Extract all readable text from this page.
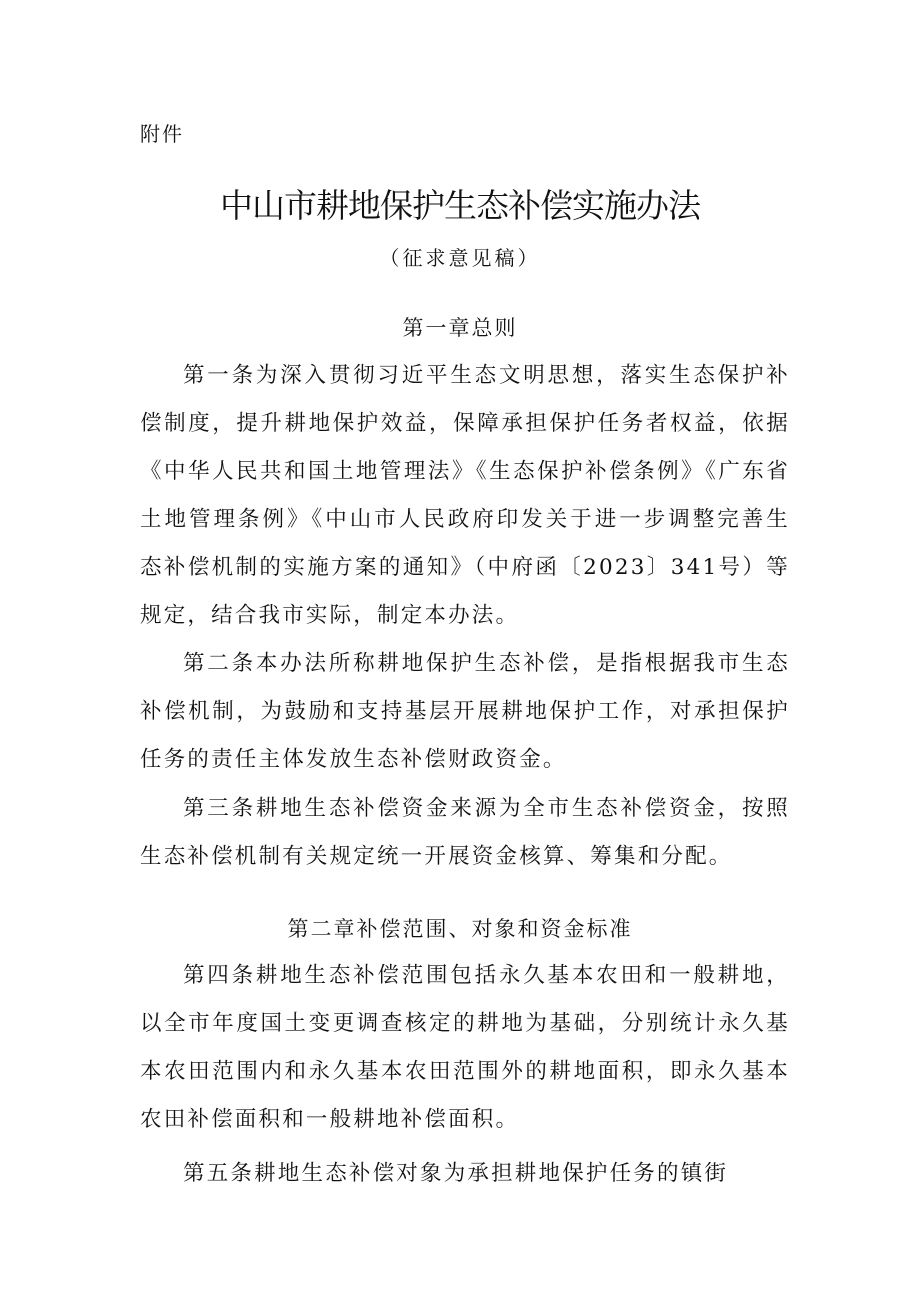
附件
中山市耕地保护生态补偿实施办法
（征求意见稿）
第一章总则
第一条为深入贯彻习近平生态文明思想，落实生态保护补偿制度，提升耕地保护效益，保障承担保护任务者权益，依据《中华人民共和国土地管理法》《生态保护补偿条例》《广东省土地管理条例》《中山市人民政府印发关于进一步调整完善生态补偿机制的实施方案的通知》（中府函〔2023〕341号）等规定，结合我市实际，制定本办法。
第二条本办法所称耕地保护生态补偿，是指根据我市生态补偿机制，为鼓励和支持基层开展耕地保护工作，对承担保护任务的责任主体发放生态补偿财政资金。
第三条耕地生态补偿资金来源为全市生态补偿资金，按照生态补偿机制有关规定统一开展资金核算、筹集和分配。
第二章补偿范围、对象和资金标准
第四条耕地生态补偿范围包括永久基本农田和一般耕地，以全市年度国土变更调查核定的耕地为基础，分别统计永久基本农田范围内和永久基本农田范围外的耕地面积，即永久基本农田补偿面积和一般耕地补偿面积。
第五条耕地生态补偿对象为承担耕地保护任务的镇街
